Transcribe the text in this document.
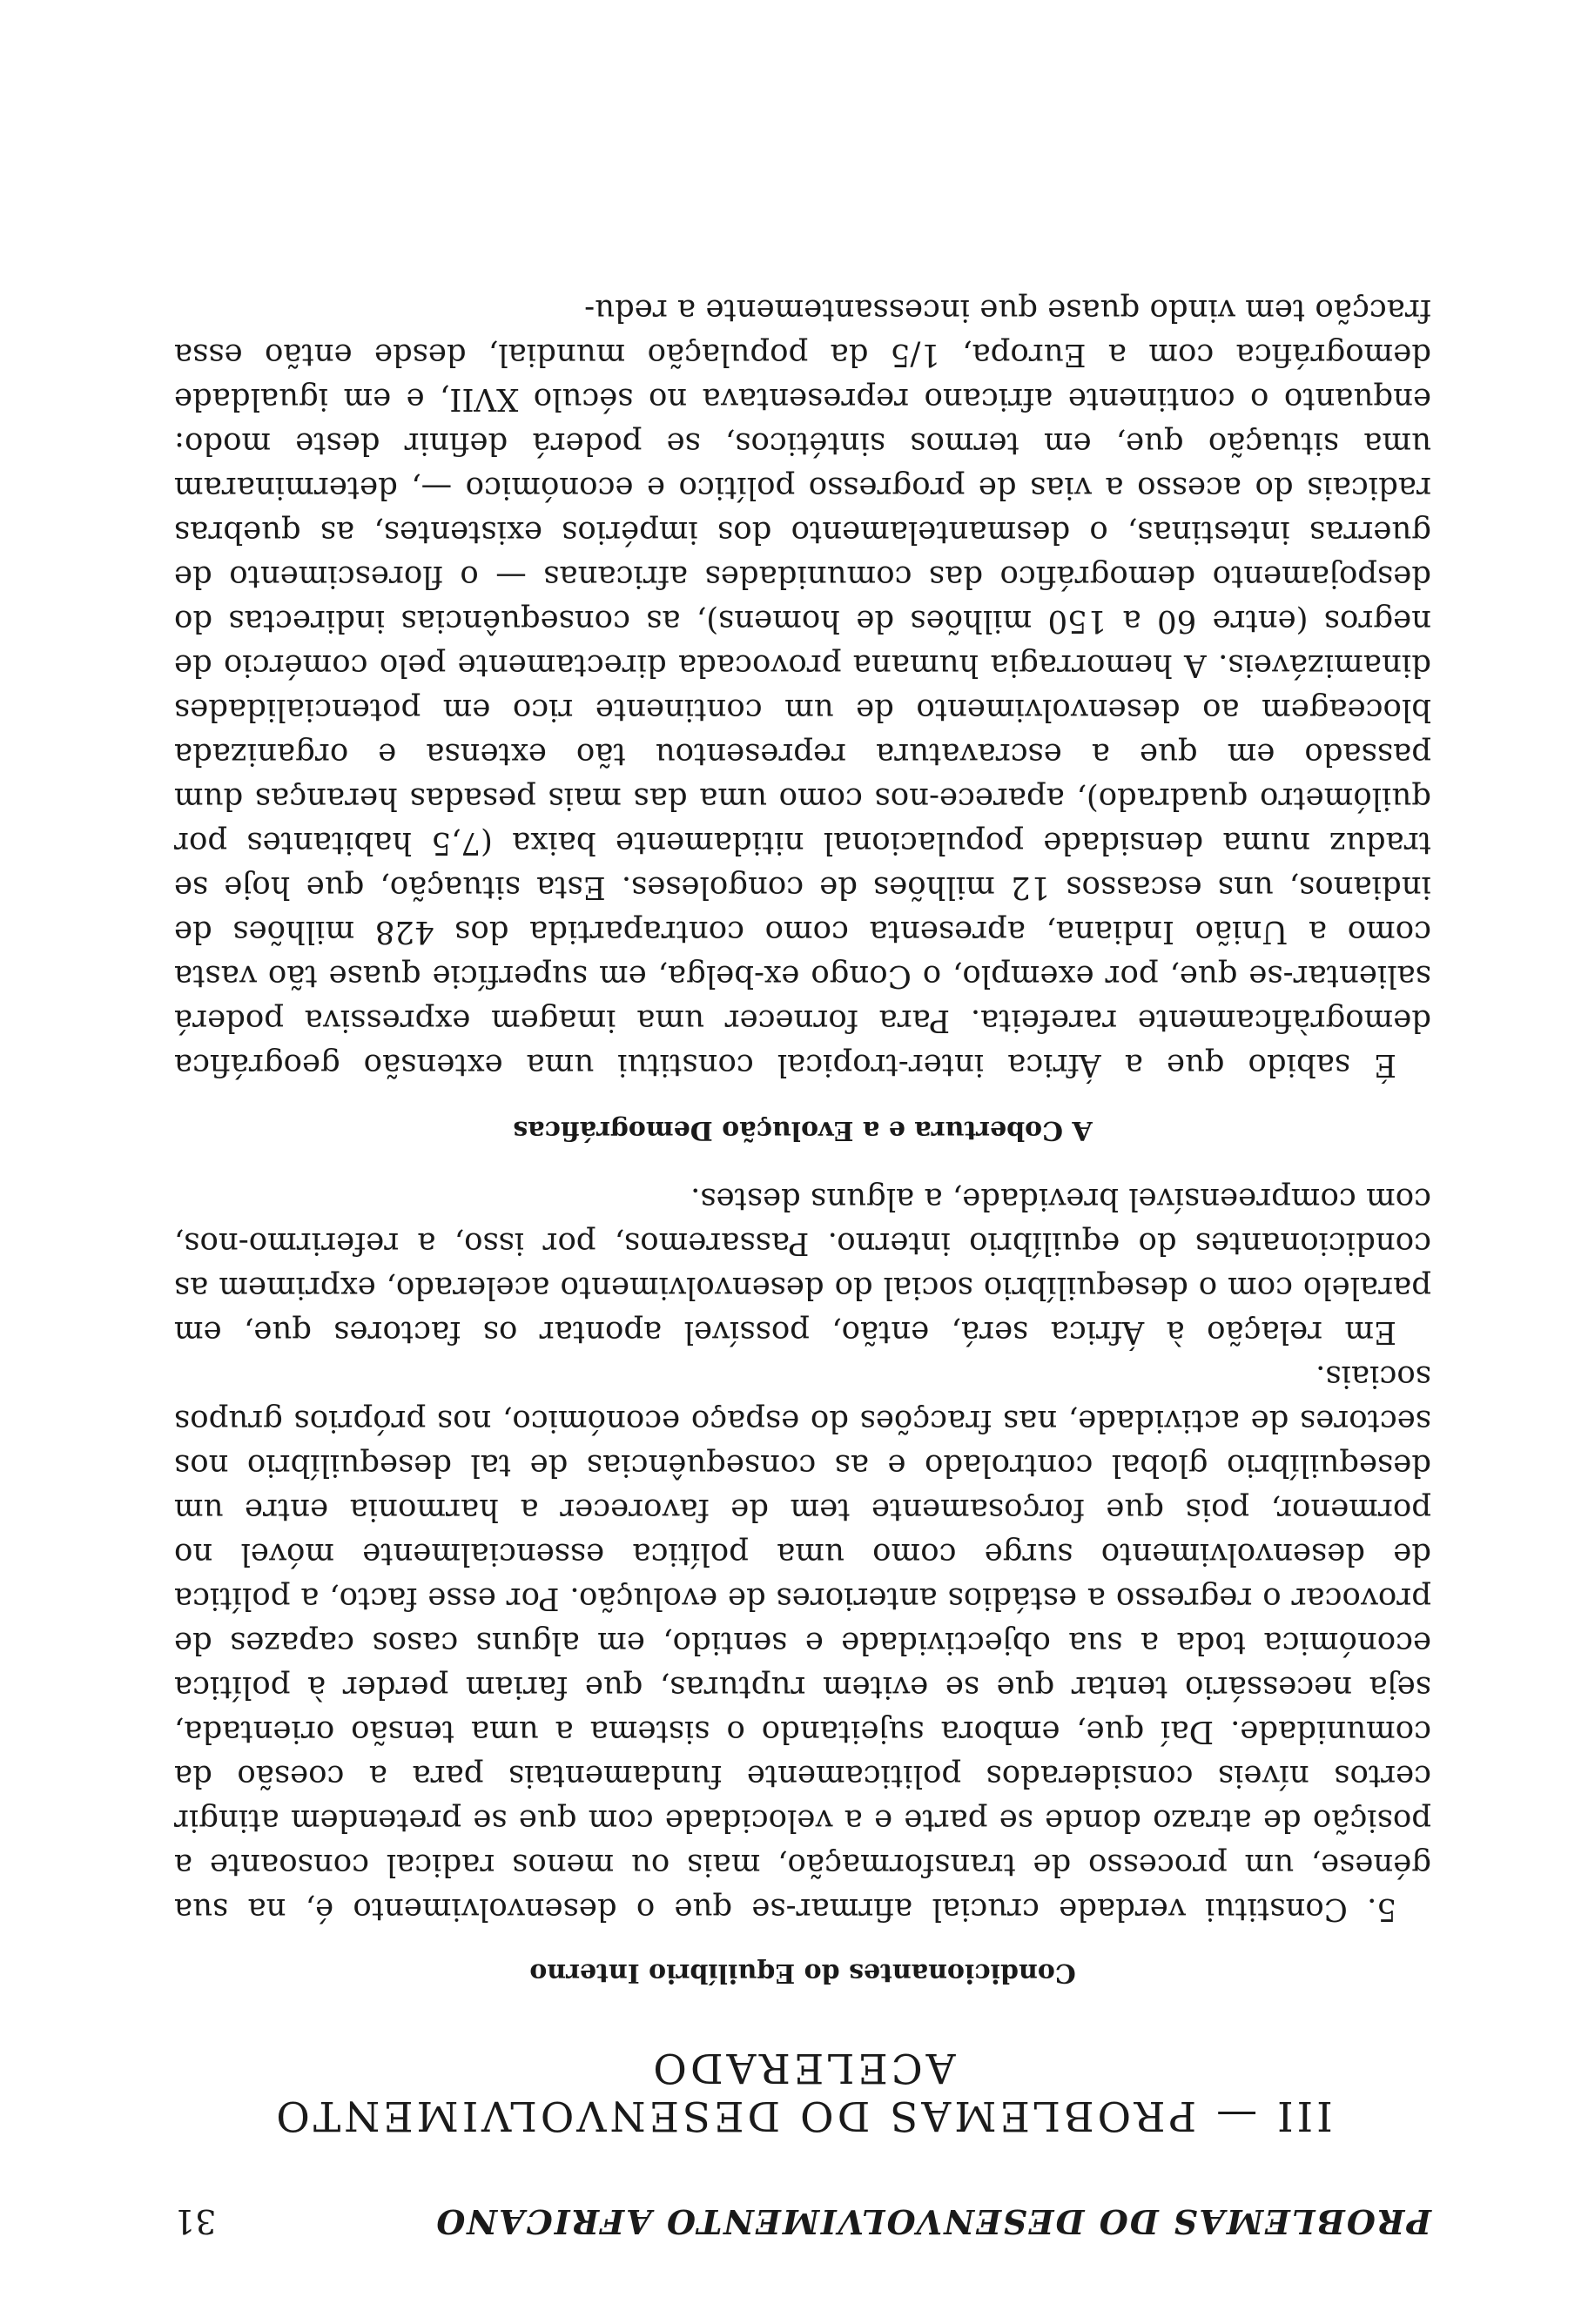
PROBLEMAS DO DESENVOLVIMENTO AFRICANO
31
III — PROBLEMAS DO DESENVOLVIMENTO ACELERADO
Condicionantes do Equilíbrio Interno

5. Constitui verdade crucial afirmar-se que o desenvolvimento é, na sua génese, um processo de transformação, mais ou menos radical consoante a posição de atrazo donde se parte e a velocidade com que se pretendem atingir certos níveis considerados politicamente fundamentais para a coesão da comunidade. Daí que, embora sujeitando o sistema a uma tensão orientada, seja necessário tentar que se evitem rupturas, que fariam perder à política económica toda a sua objectividade e sentido, em alguns casos capazes de provocar o regresso a estádios anteriores de evolução. Por esse facto, a política de desenvolvimento surge como uma política essencialmente móvel no pormenor, pois que forçosamente tem de favorecer a harmonia entre um desequilíbrio global controlado e as consequências de tal desequilíbrio nos sectores de actividade, nas fracções do espaço económico, nos próprios grupos sociais.

Em relação à África será, então, possível apontar os factores que, em paralelo com o desequilíbrio social do desenvolvimento acelerado, exprimem as condicionantes do equilíbrio interno. Passaremos, por isso, a referirmo-nos, com compreensível brevidade, a alguns destes.

A Cobertura e a Evolução Demográficas

É sabido que a África inter-tropical constitui uma extensão geográfica demogràficamente rarefeita. Para fornecer uma imagem expressiva poderá salientar-se que, por exemplo, o Congo ex-belga, em superfície quase tão vasta como a União Indiana, apresenta como contrapartida dos 428 milhões de indianos, uns escassos 12 milhões de congoleses. Esta situação, que hoje se traduz numa densidade populacional nitidamente baixa (7,5 habitantes por quilómetro quadrado), aparece-nos como uma das mais pesadas heranças dum passado em que a escravatura representou tão extensa e organizada bloceagem ao desenvolvimento de um continente rico em potencialidades dinamizáveis. A hemorragia humana provocada directamente pelo comércio de negros (entre 60 a 150 milhões de homens), as consequências indirectas do despojamento demográfico das comunidades africanas — o florescimento de guerras intestinas, o desmantelamento dos impérios existentes, as quebras radicais do acesso a vias de progresso político e económico —, determinaram uma situação que, em termos sintéticos, se poderá definir deste modo: enquanto o continente africano representava no século XVII, e em igualdade demográfica com a Europa, 1/5 da população mundial, desde então essa fracção tem vindo quase que incessantemente a redu-
